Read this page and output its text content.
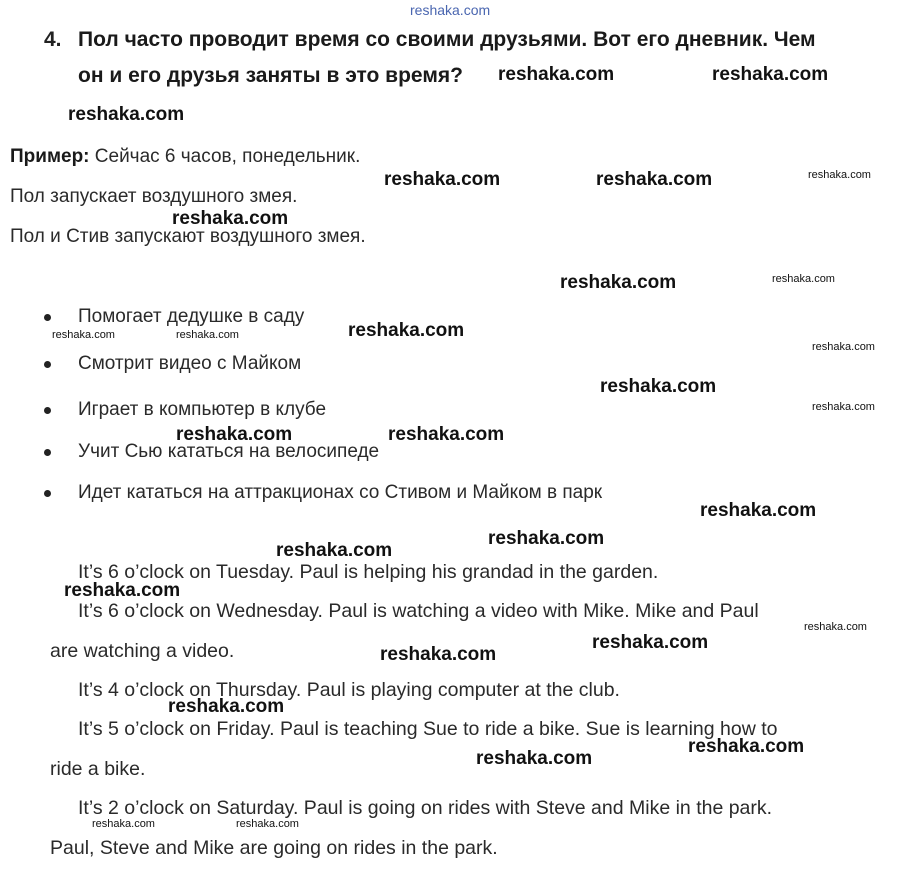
reshaka.com
4. Пол часто проводит время со своими друзьями. Вот его дневник. Чем
он и его друзья заняты в это время?
Пример: Сейчас 6 часов, понедельник.
Пол запускает воздушного змея.
Пол и Стив запускают воздушного змея.
Помогает дедушке в саду
Смотрит видео с Майком
Играет в компьютер в клубе
Учит Сью кататься на велосипеде
Идет кататься на аттракционах со Стивом и Майком в парк
It’s 6 o’clock on Tuesday. Paul is helping his grandad in the garden.
It’s 6 o’clock on Wednesday. Paul is watching a video with Mike. Mike and Paul
are watching a video.
It’s 4 o’clock on Thursday. Paul is playing computer at the club.
It’s 5 o’clock on Friday. Paul is teaching Sue to ride a bike. Sue is learning how to
ride a bike.
It’s 2 o’clock on Saturday. Paul is going on rides with Steve and Mike in the park.
Paul, Steve and Mike are going on rides in the park.
reshaka.com	reshaka.com
reshaka.com
reshaka.com	reshaka.com	reshaka.com
reshaka.com
reshaka.com	reshaka.com
reshaka.com	reshaka.com	reshaka.com
reshaka.com
reshaka.com
reshaka.com
reshaka.com	reshaka.com
reshaka.com
reshaka.com
reshaka.com
reshaka.com
reshaka.com
reshaka.com
reshaka.com
reshaka.com
reshaka.com
reshaka.com
reshaka.com	reshaka.com
